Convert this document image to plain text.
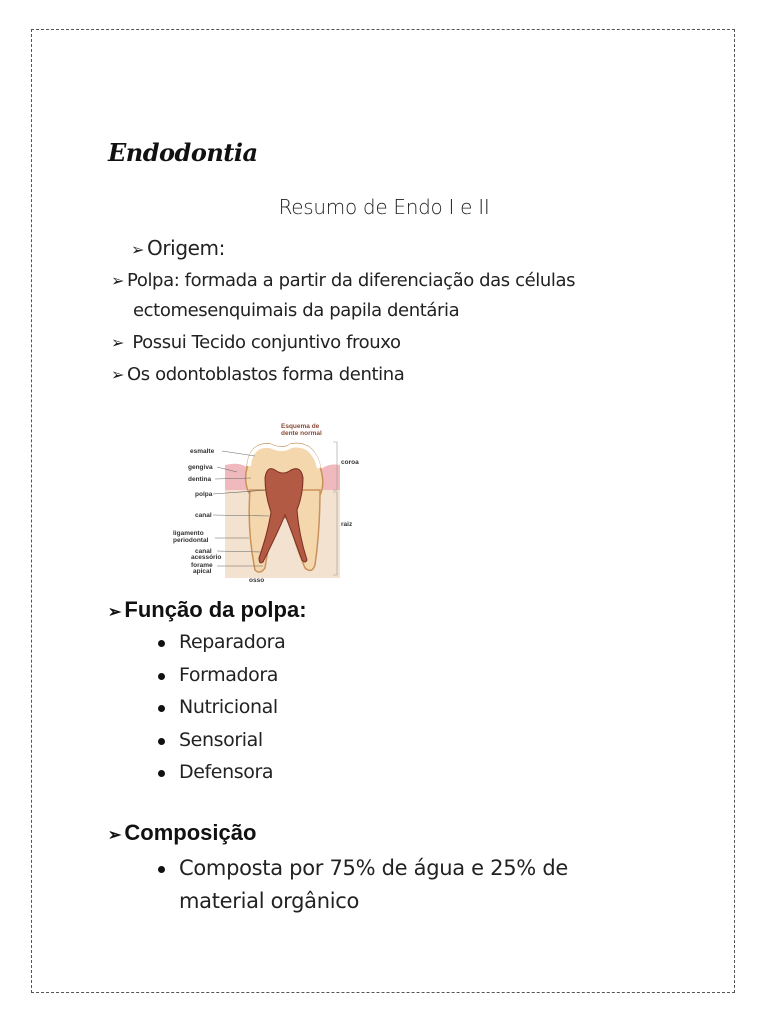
Endodontia
Resumo de Endo I e II
➢ Origem:
➢ Polpa: formada a partir da diferenciação das células
ectomesenquimais da papila dentária
➢ Possui Tecido conjuntivo frouxo
➢ Os odontoblastos forma dentina
Esquema de
dente normal
esmalte
gengiva
dentina
polpa
canal
ligamento
periodontal
canal
acessório
forame
apical
osso
coroa
raiz
➢ Função da polpa:
Reparadora
Formadora
Nutricional
Sensorial
Defensora
➢ Composição
Composta por 75% de água e 25% de material orgânico
